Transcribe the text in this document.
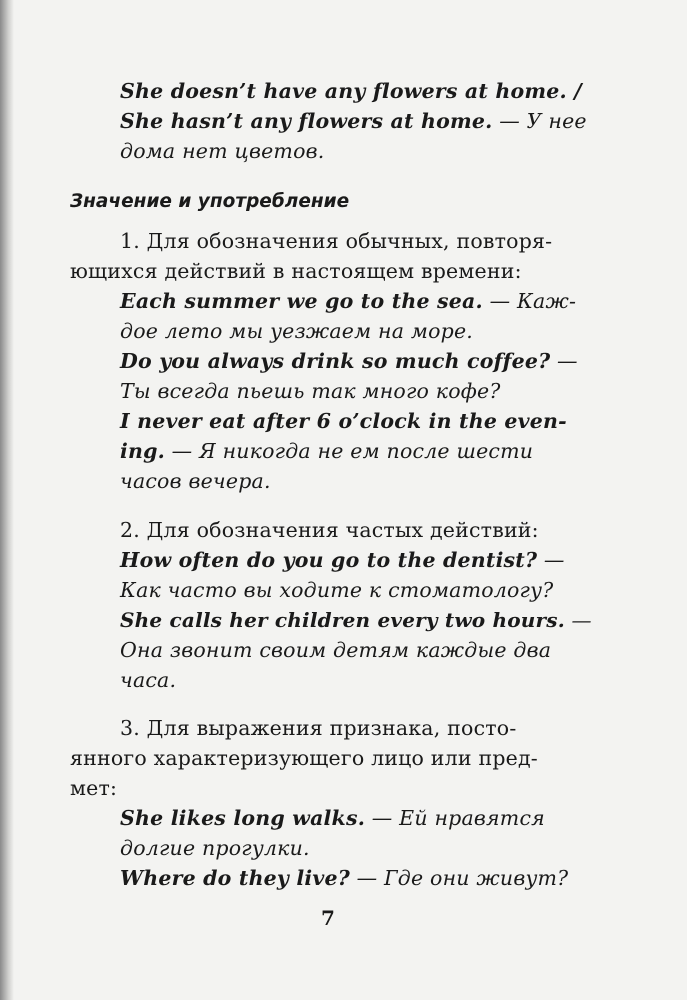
She doesn’t have any flowers at home. /
She hasn’t any flowers at home. — У нее
дома нет цветов.
Значение и употребление
1. Для обозначения обычных, повторя-
ющихся действий в настоящем времени:
Each summer we go to the sea. — Каж-
дое лето мы уезжаем на море.
Do you always drink so much coffee? —
Ты всегда пьешь так много кофе?
I never eat after 6 o’clock in the even-
ing. — Я никогда не ем после шести
часов вечера.
2. Для обозначения частых действий:
How often do you go to the dentist? —
Как часто вы ходите к стоматологу?
She calls her children every two hours. —
Она звонит своим детям каждые два
часа.
3. Для выражения признака, посто-
янного характеризующего лицо или пред-
мет:
She likes long walks. — Ей нравятся
долгие прогулки.
Where do they live? — Где они живут?
7
